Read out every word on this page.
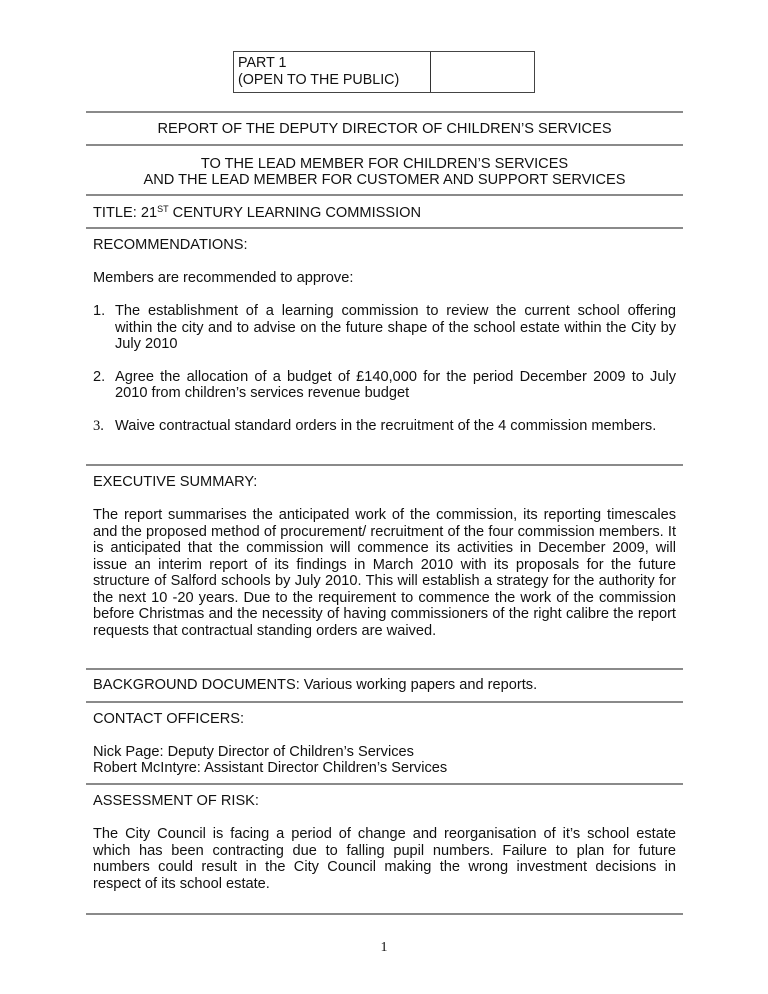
PART 1
(OPEN TO THE PUBLIC)
REPORT OF THE DEPUTY DIRECTOR OF CHILDREN’S SERVICES
TO THE LEAD MEMBER FOR CHILDREN’S SERVICES
AND THE LEAD MEMBER FOR CUSTOMER AND SUPPORT SERVICES
TITLE: 21ST CENTURY LEARNING COMMISSION
RECOMMENDATIONS:
Members are recommended to approve:
1. The establishment of a learning commission to review the current school offering within the city and to advise on the future shape of the school estate within the City by July 2010
2. Agree the allocation of a budget of £140,000 for the period December 2009 to July 2010 from children’s services revenue budget
3. Waive contractual standard orders in the recruitment of the 4 commission members.
EXECUTIVE SUMMARY:
The report summarises the anticipated work of the commission, its reporting timescales and the proposed method of procurement/ recruitment of the four commission members. It is anticipated that the commission will commence its activities in December 2009, will issue an interim report of its findings in March 2010 with its proposals for the future structure of Salford schools by July 2010. This will establish a strategy for the authority for the next 10 -20 years. Due to the requirement to commence the work of the commission before Christmas and the necessity of having commissioners of the right calibre the report requests that contractual standing orders are waived.
BACKGROUND DOCUMENTS: Various working papers and reports.
CONTACT OFFICERS:
Nick Page: Deputy Director of Children’s Services
Robert McIntyre: Assistant Director Children’s Services
ASSESSMENT OF RISK:
The City Council is facing a period of change and reorganisation of it’s school estate which has been contracting due to falling pupil numbers. Failure to plan for future numbers could result in the City Council making the wrong investment decisions in respect of its school estate.
1
